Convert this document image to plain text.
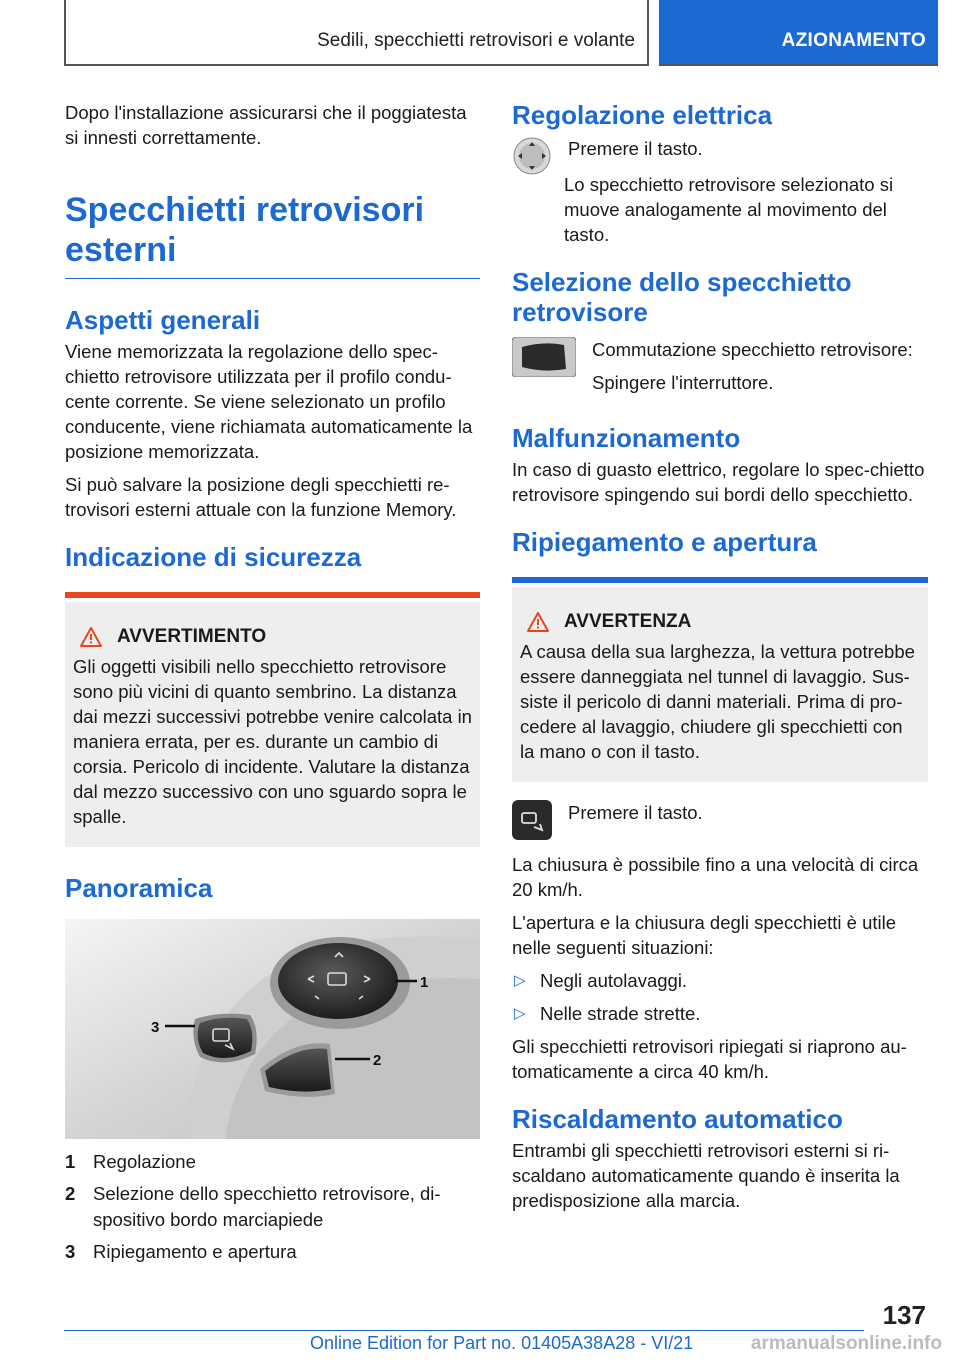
Sedili, specchietti retrovisori e volante	AZIONAMENTO

Dopo l'installazione assicurarsi che il poggiatesta si innesti correttamente.

Specchietti retrovisori esterni
Aspetti generali

Viene memorizzata la regolazione dello spec-chietto retrovisore utilizzata per il profilo condu-cente corrente. Se viene selezionato un profilo conducente, viene richiamata automaticamente la posizione memorizzata.

Si può salvare la posizione degli specchietti re-trovisori esterni attuale con la funzione Memory.

Indicazione di sicurezza
AVVERTIMENTO

Gli oggetti visibili nello specchietto retrovisore sono più vicini di quanto sembrino. La distanza dai mezzi successivi potrebbe venire calcolata in maniera errata, per es. durante un cambio di corsia. Pericolo di incidente. Valutare la distanza dal mezzo successivo con uno sguardo sopra le spalle.

Panoramica
1
2
3
1 Regolazione
2 Selezione dello specchietto retrovisore, di-spositivo bordo marciapiede
3 Ripiegamento e apertura
Regolazione elettrica

Premere il tasto.

Lo specchietto retrovisore selezionato si muove analogamente al movimento del tasto.

Selezione dello specchietto retrovisore

Commutazione specchietto retrovisore:

Spingere l'interruttore.

Malfunzionamento

In caso di guasto elettrico, regolare lo spec-chietto retrovisore spingendo sui bordi dello specchietto.

Ripiegamento e apertura
AVVERTENZA

A causa della sua larghezza, la vettura potrebbe essere danneggiata nel tunnel di lavaggio. Sus-siste il pericolo di danni materiali. Prima di pro-cedere al lavaggio, chiudere gli specchietti con la mano o con il tasto.

Premere il tasto.

La chiusura è possibile fino a una velocità di circa 20 km/h.

L'apertura e la chiusura degli specchietti è utile nelle seguenti situazioni:

▷ Negli autolavaggi.
▷ Nelle strade strette.

Gli specchietti retrovisori ripiegati si riaprono au-tomaticamente a circa 40 km/h.

Riscaldamento automatico

Entrambi gli specchietti retrovisori esterni si ri-scaldano automaticamente quando è inserita la predisposizione alla marcia.

137
Online Edition for Part no. 01405A38A28 - VI/21	armanualsonline.info
